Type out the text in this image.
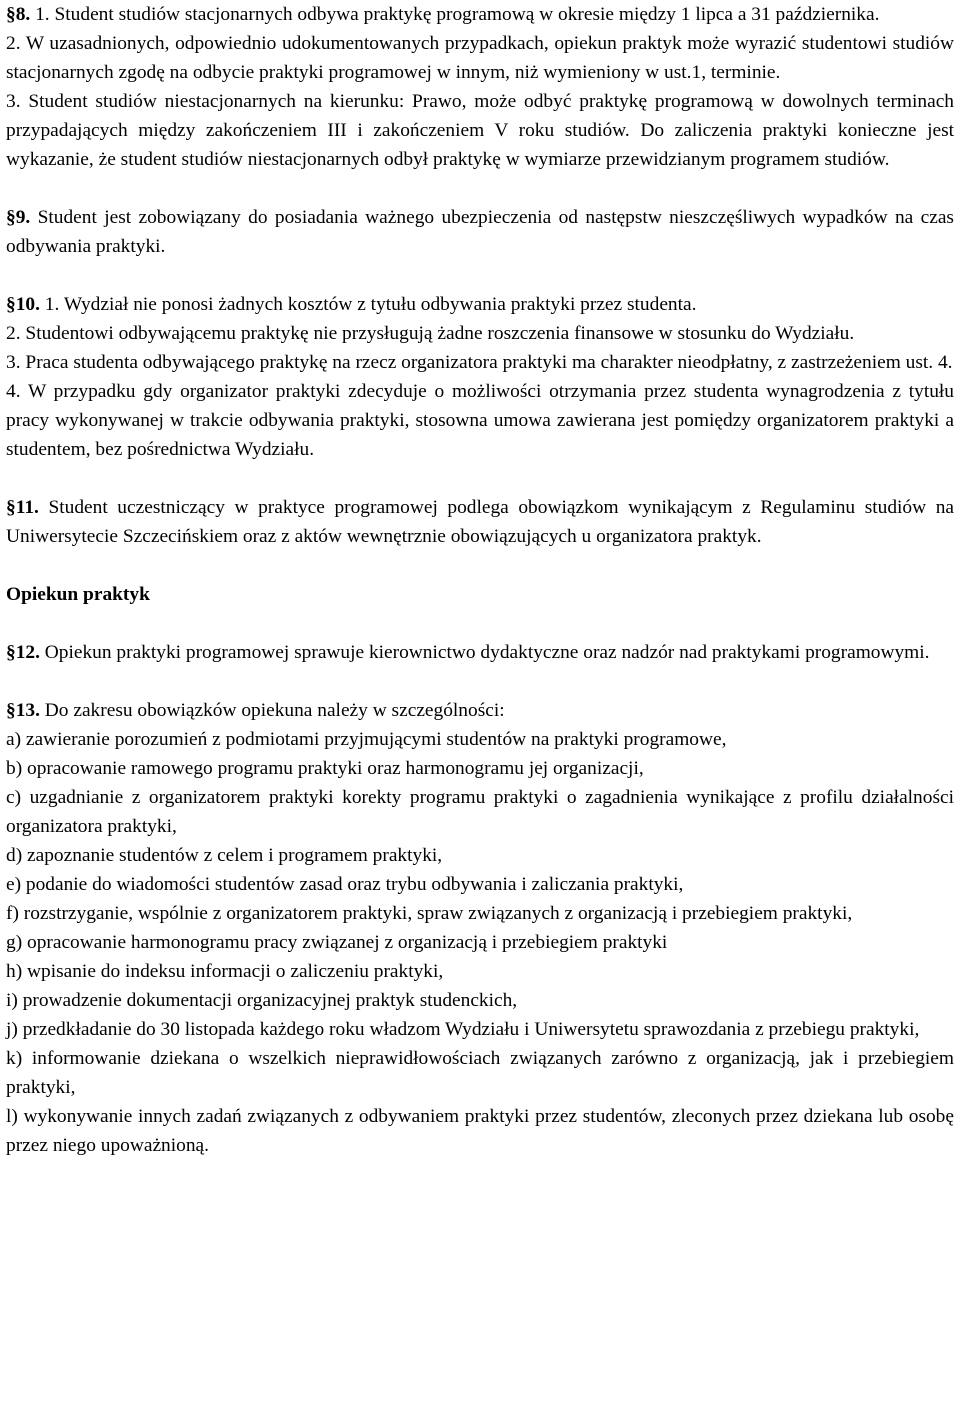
§8. 1. Student studiów stacjonarnych odbywa praktykę programową w okresie między 1 lipca a 31 października.

2. W uzasadnionych, odpowiednio udokumentowanych przypadkach, opiekun praktyk może wyrazić studentowi studiów stacjonarnych zgodę na odbycie praktyki programowej w innym, niż wymieniony w ust.1, terminie.

3. Student studiów niestacjonarnych na kierunku: Prawo, może odbyć praktykę programową w dowolnych terminach przypadających między zakończeniem III i zakończeniem V roku studiów. Do zaliczenia praktyki konieczne jest wykazanie, że student studiów niestacjonarnych odbył praktykę w wymiarze przewidzianym programem studiów.

§9. Student jest zobowiązany do posiadania ważnego ubezpieczenia od następstw nieszczęśliwych wypadków na czas odbywania praktyki.

§10. 1. Wydział nie ponosi żadnych kosztów z tytułu odbywania praktyki przez studenta.

2. Studentowi odbywającemu praktykę nie przysługują żadne roszczenia finansowe w stosunku do Wydziału.

3. Praca studenta odbywającego praktykę na rzecz organizatora praktyki ma charakter nieodpłatny, z zastrzeżeniem ust. 4.

4. W przypadku gdy organizator praktyki zdecyduje o możliwości otrzymania przez studenta wynagrodzenia z tytułu pracy wykonywanej w trakcie odbywania praktyki, stosowna umowa zawierana jest pomiędzy organizatorem praktyki a studentem, bez pośrednictwa Wydziału.

§11. Student uczestniczący w praktyce programowej podlega obowiązkom wynikającym z Regulaminu studiów na Uniwersytecie Szczecińskiem oraz z aktów wewnętrznie obowiązujących u organizatora praktyk.

Opiekun praktyk

§12. Opiekun praktyki programowej sprawuje kierownictwo dydaktyczne oraz nadzór nad praktykami programowymi.

§13. Do zakresu obowiązków opiekuna należy w szczególności:

a) zawieranie porozumień z podmiotami przyjmującymi studentów na praktyki programowe,

b) opracowanie ramowego programu praktyki oraz harmonogramu jej organizacji,

c) uzgadnianie z organizatorem praktyki korekty programu praktyki o zagadnienia wynikające z profilu działalności organizatora praktyki,

d) zapoznanie studentów z celem i programem praktyki,

e) podanie do wiadomości studentów zasad oraz trybu odbywania i zaliczania praktyki,

f) rozstrzyganie, wspólnie z organizatorem praktyki, spraw związanych z organizacją i przebiegiem praktyki,

g) opracowanie harmonogramu pracy związanej z organizacją i przebiegiem praktyki

h) wpisanie do indeksu informacji o zaliczeniu praktyki,

i) prowadzenie dokumentacji organizacyjnej praktyk studenckich,

j) przedkładanie do 30 listopada każdego roku władzom Wydziału i Uniwersytetu sprawozdania z przebiegu praktyki,

k) informowanie dziekana o wszelkich nieprawidłowościach związanych zarówno z organizacją, jak i przebiegiem praktyki,

l) wykonywanie innych zadań związanych z odbywaniem praktyki przez studentów, zleconych przez dziekana lub osobę przez niego upoważnioną.
